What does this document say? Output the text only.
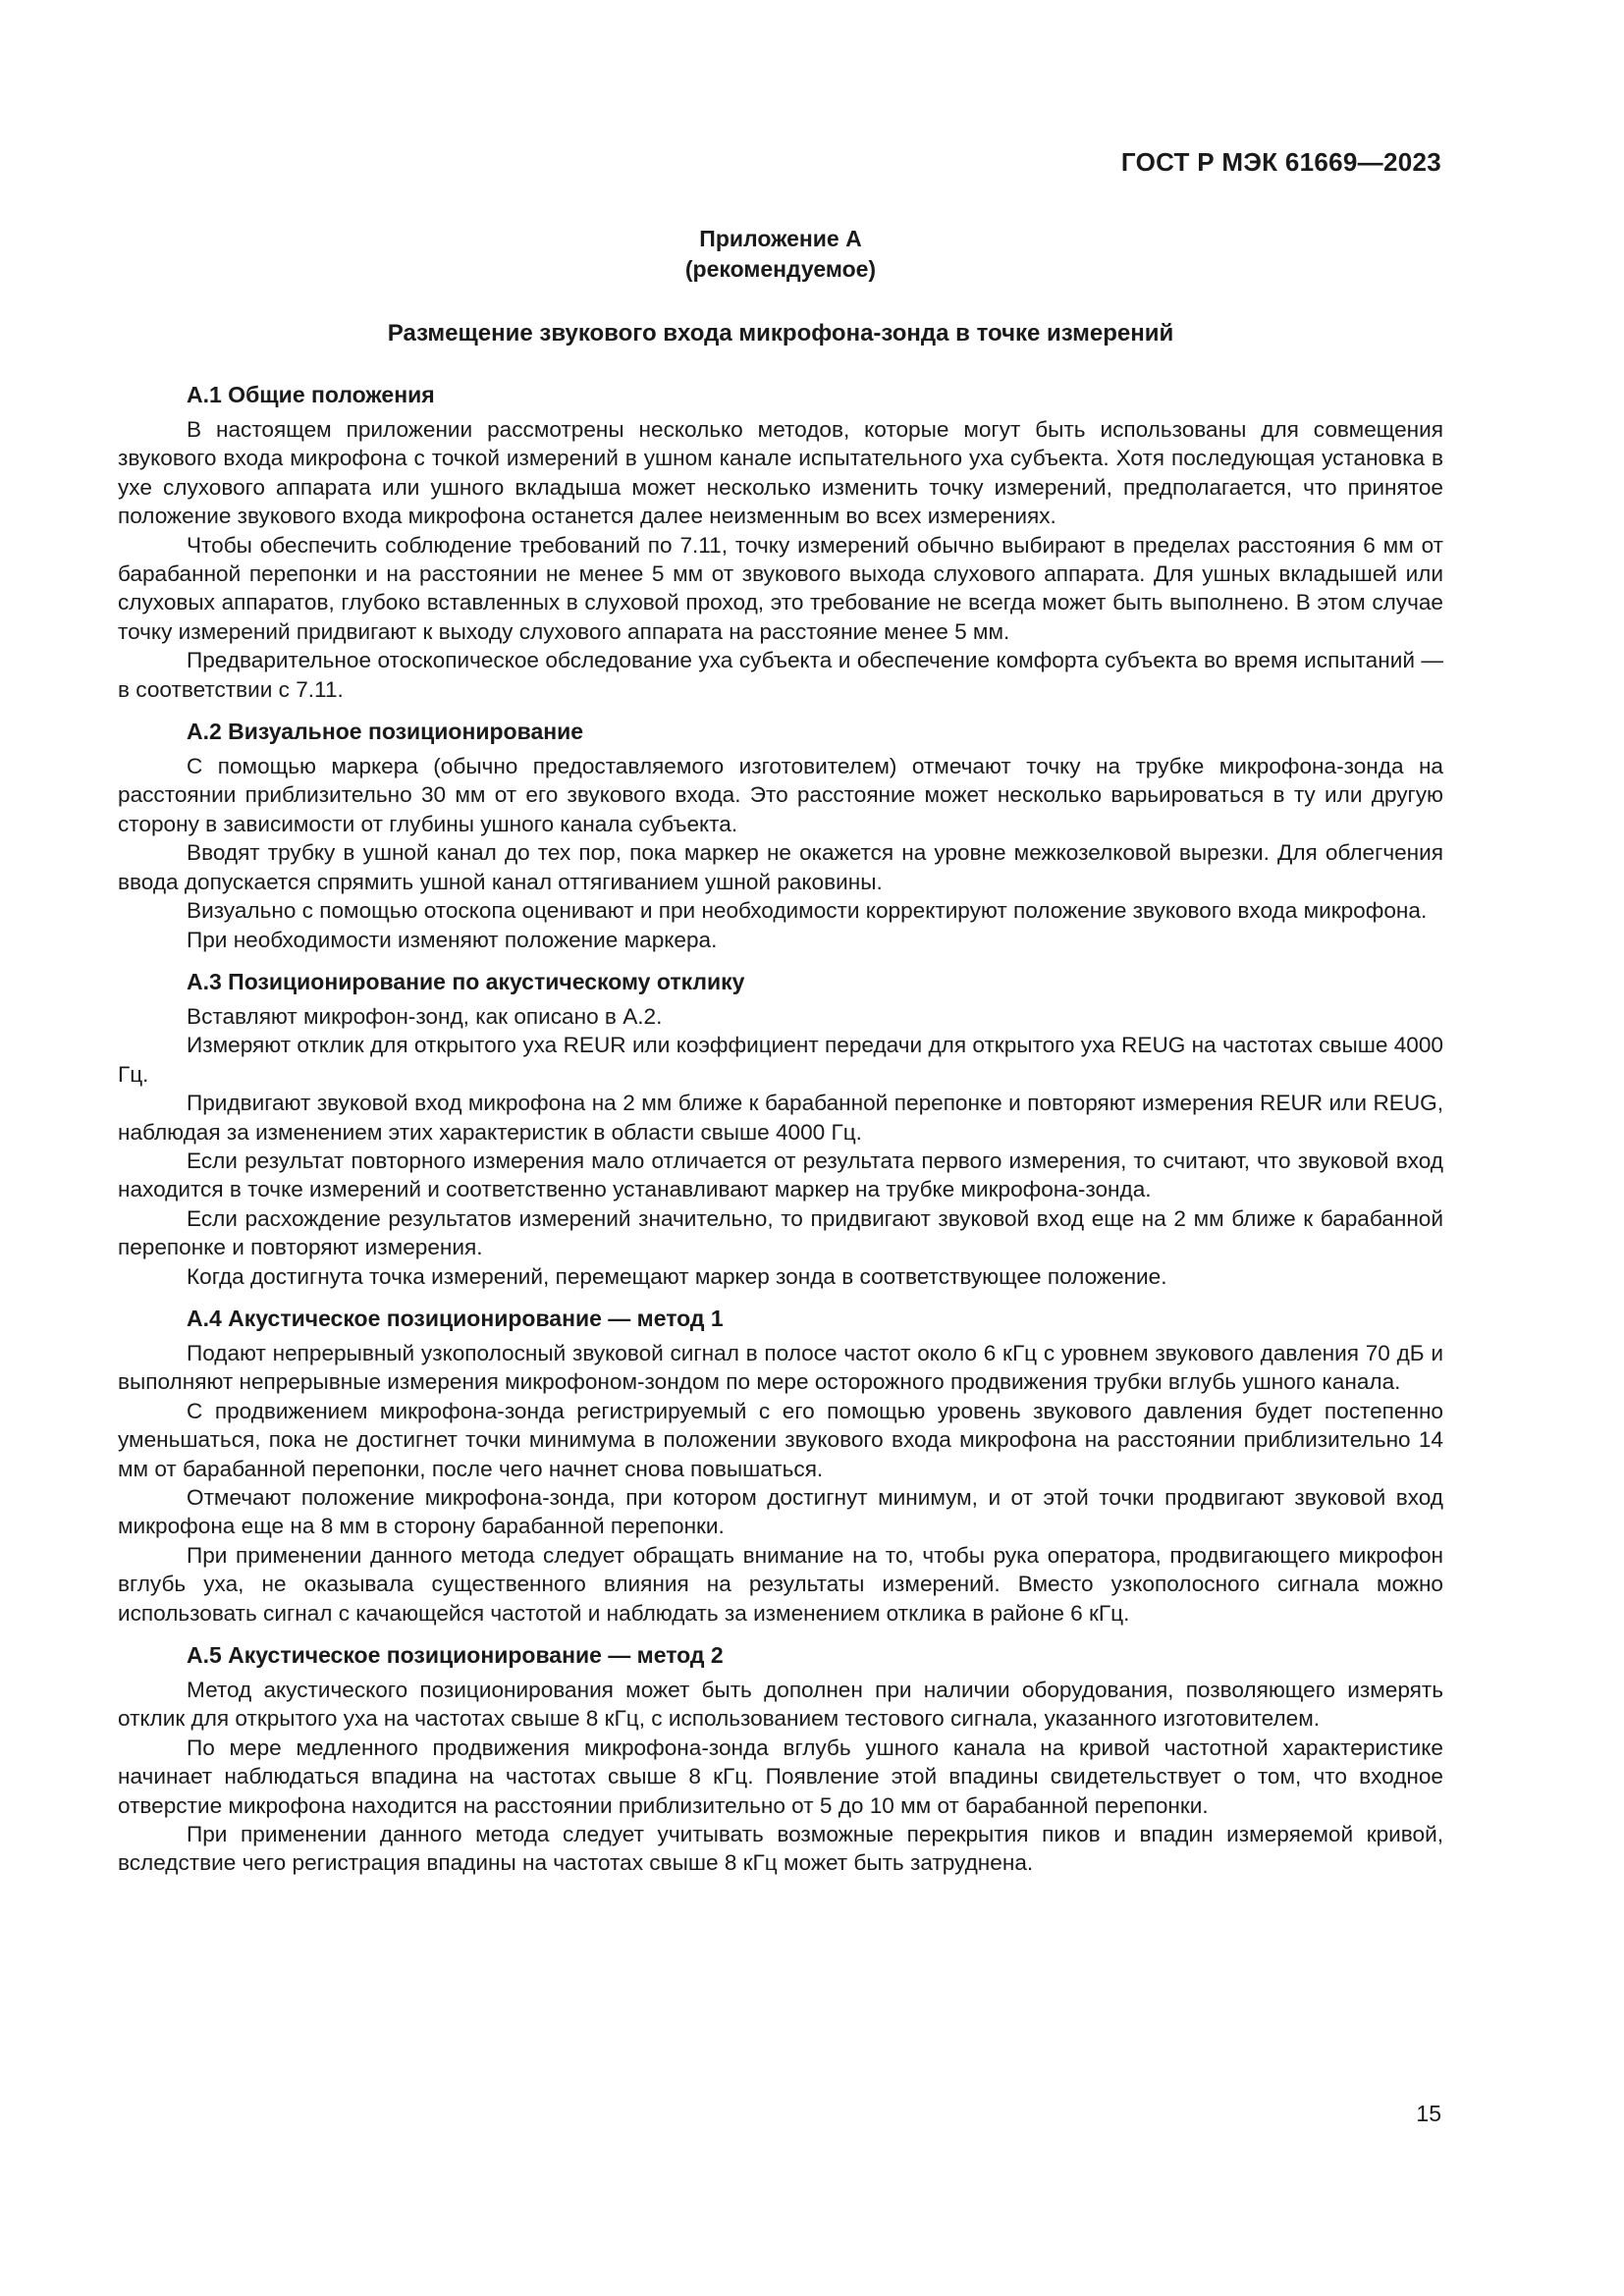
ГОСТ Р МЭК 61669—2023
Приложение А
(рекомендуемое)
Размещение звукового входа микрофона-зонда в точке измерений
А.1 Общие положения

В настоящем приложении рассмотрены несколько методов, которые могут быть использованы для совмещения звукового входа микрофона с точкой измерений в ушном канале испытательного уха субъекта. Хотя последующая установка в ухе слухового аппарата или ушного вкладыша может несколько изменить точку измерений, предполагается, что принятое положение звукового входа микрофона останется далее неизменным во всех измерениях.

Чтобы обеспечить соблюдение требований по 7.11, точку измерений обычно выбирают в пределах расстояния 6 мм от барабанной перепонки и на расстоянии не менее 5 мм от звукового выхода слухового аппарата. Для ушных вкладышей или слуховых аппаратов, глубоко вставленных в слуховой проход, это требование не всегда может быть выполнено. В этом случае точку измерений придвигают к выходу слухового аппарата на расстояние менее 5 мм.

Предварительное отоскопическое обследование уха субъекта и обеспечение комфорта субъекта во время испытаний — в соответствии с 7.11.

А.2 Визуальное позиционирование

С помощью маркера (обычно предоставляемого изготовителем) отмечают точку на трубке микрофона-зонда на расстоянии приблизительно 30 мм от его звукового входа. Это расстояние может несколько варьироваться в ту или другую сторону в зависимости от глубины ушного канала субъекта.

Вводят трубку в ушной канал до тех пор, пока маркер не окажется на уровне межкозелковой вырезки. Для облегчения ввода допускается спрямить ушной канал оттягиванием ушной раковины.

Визуально с помощью отоскопа оценивают и при необходимости корректируют положение звукового входа микрофона.

При необходимости изменяют положение маркера.

А.3 Позиционирование по акустическому отклику

Вставляют микрофон-зонд, как описано в А.2.

Измеряют отклик для открытого уха REUR или коэффициент передачи для открытого уха REUG на частотах свыше 4000 Гц.

Придвигают звуковой вход микрофона на 2 мм ближе к барабанной перепонке и повторяют измерения REUR или REUG, наблюдая за изменением этих характеристик в области свыше 4000 Гц.

Если результат повторного измерения мало отличается от результата первого измерения, то считают, что звуковой вход находится в точке измерений и соответственно устанавливают маркер на трубке микрофона-зонда.

Если расхождение результатов измерений значительно, то придвигают звуковой вход еще на 2 мм ближе к барабанной перепонке и повторяют измерения.

Когда достигнута точка измерений, перемещают маркер зонда в соответствующее положение.

А.4 Акустическое позиционирование — метод 1

Подают непрерывный узкополосный звуковой сигнал в полосе частот около 6 кГц с уровнем звукового давления 70 дБ и выполняют непрерывные измерения микрофоном-зондом по мере осторожного продвижения трубки вглубь ушного канала.

С продвижением микрофона-зонда регистрируемый с его помощью уровень звукового давления будет постепенно уменьшаться, пока не достигнет точки минимума в положении звукового входа микрофона на расстоянии приблизительно 14 мм от барабанной перепонки, после чего начнет снова повышаться.

Отмечают положение микрофона-зонда, при котором достигнут минимум, и от этой точки продвигают звуковой вход микрофона еще на 8 мм в сторону барабанной перепонки.

При применении данного метода следует обращать внимание на то, чтобы рука оператора, продвигающего микрофон вглубь уха, не оказывала существенного влияния на результаты измерений. Вместо узкополосного сигнала можно использовать сигнал с качающейся частотой и наблюдать за изменением отклика в районе 6 кГц.

А.5 Акустическое позиционирование — метод 2

Метод акустического позиционирования может быть дополнен при наличии оборудования, позволяющего измерять отклик для открытого уха на частотах свыше 8 кГц, с использованием тестового сигнала, указанного изготовителем.

По мере медленного продвижения микрофона-зонда вглубь ушного канала на кривой частотной характеристике начинает наблюдаться впадина на частотах свыше 8 кГц. Появление этой впадины свидетельствует о том, что входное отверстие микрофона находится на расстоянии приблизительно от 5 до 10 мм от барабанной перепонки.

При применении данного метода следует учитывать возможные перекрытия пиков и впадин измеряемой кривой, вследствие чего регистрация впадины на частотах свыше 8 кГц может быть затруднена.

15
